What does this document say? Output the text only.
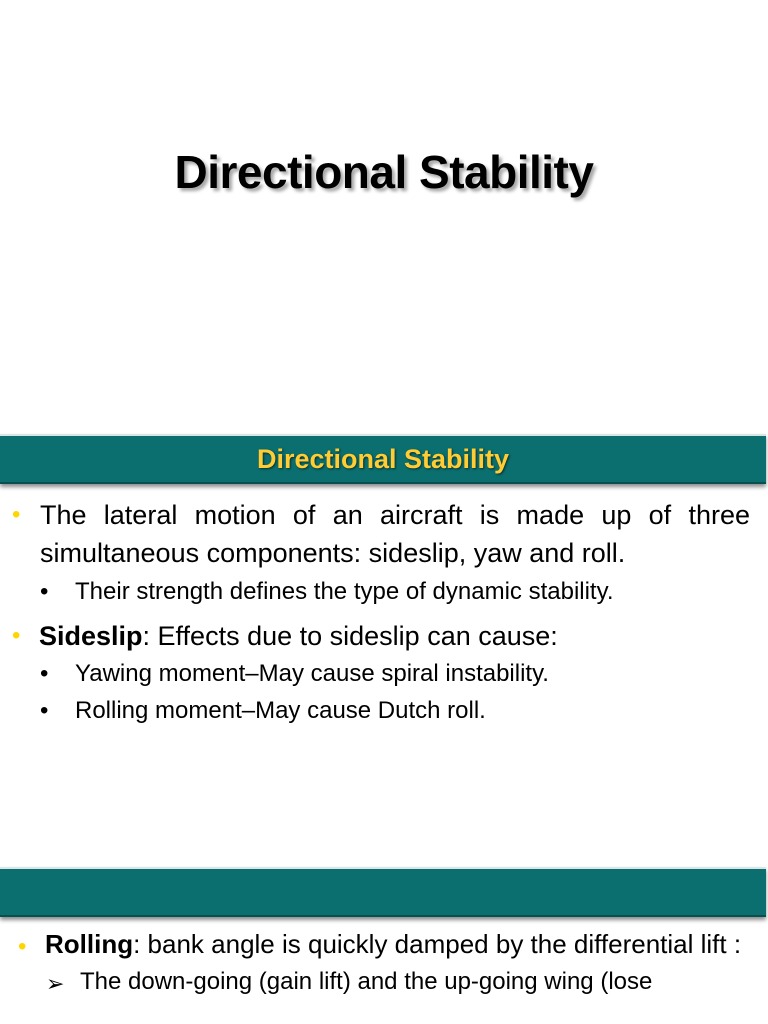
Directional Stability
Directional Stability
• The lateral motion of an aircraft is made up of three simultaneous components: sideslip, yaw and roll.
• Their strength defines the type of dynamic stability.
• Sideslip: Effects due to sideslip can cause:
• Yawing moment–May cause spiral instability.
• Rolling moment–May cause Dutch roll.
• Rolling: bank angle is quickly damped by the differential lift :
➢ The down-going (gain lift) and the up-going wing (lose
